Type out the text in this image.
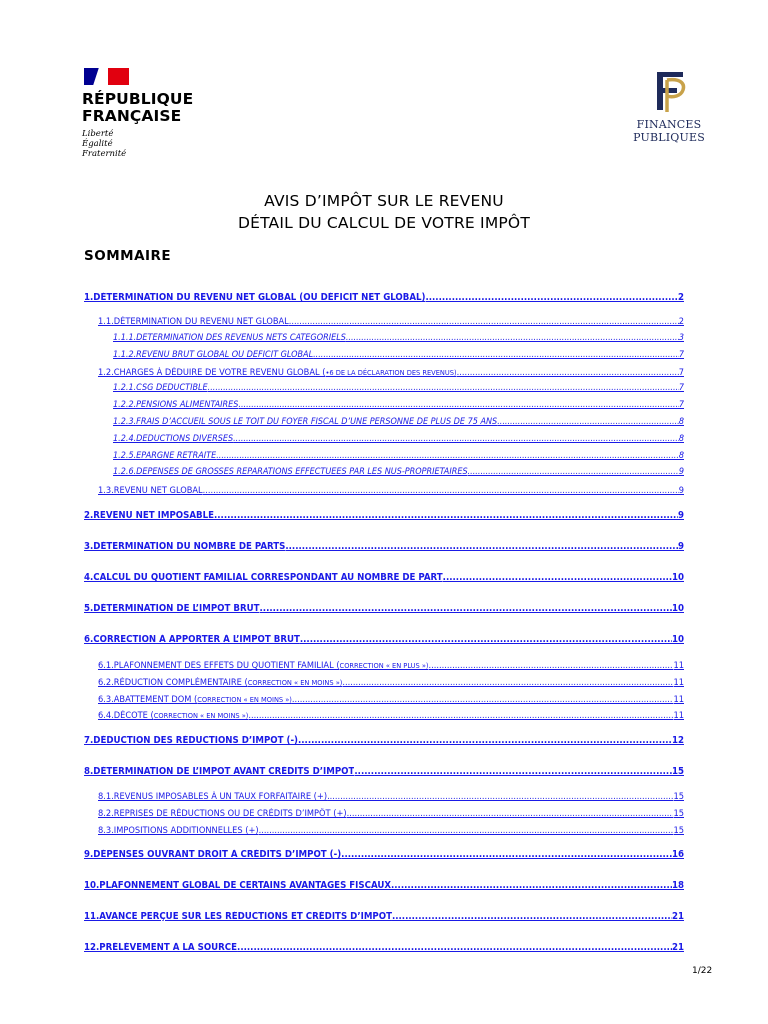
RÉPUBLIQUE
FRANÇAISE
Liberté
Égalité
Fraternité
FINANCES PUBLIQUES
AVIS D’IMPÔT SUR LE REVENU
DÉTAIL DU CALCUL DE VOTRE IMPÔT
SOMMAIRE
1.DÉTERMINATION DU REVENU NET GLOBAL (OU DÉFICIT NET GLOBAL) .....	2
1.1.DÉTERMINATION DU REVENU NET GLOBAL .....	2
1.1.1.DÉTERMINATION DES REVENUS NETS CATÉGORIELS .....	3
1.1.2.REVENU BRUT GLOBAL OU DÉFICIT GLOBAL .....	7
1.2.CHARGES À DÉDUIRE DE VOTRE REVENU GLOBAL ( •6 DE LA DÉCLARATION DES REVENUS) .....	7
1.2.1.CSG DÉDUCTIBLE .....	7
1.2.2.PENSIONS ALIMENTAIRES .....	7
1.2.3.FRAIS D’ACCUEIL SOUS LE TOIT DU FOYER FISCAL D’UNE PERSONNE DE PLUS DE 75 ANS .....	8
1.2.4.DÉDUCTIONS DIVERSES .....	8
1.2.5.ÉPARGNE RETRAITE .....	8
1.2.6.DÉPENSES DE GROSSES RÉPARATIONS EFFECTUÉES PAR LES NUS-PROPRIÉTAIRES .....	9
1.3.REVENU NET GLOBAL .....	9
2.REVENU NET IMPOSABLE .....	9
3.DÉTERMINATION DU NOMBRE DE PARTS .....	9
4.CALCUL DU QUOTIENT FAMILIAL CORRESPONDANT AU NOMBRE DE PART .....	10
5.DÉTERMINATION DE L’IMPÔT BRUT .....	10
6.CORRECTION À APPORTER À L’IMPÔT BRUT .....	10
6.1.PLAFONNEMENT DES EFFETS DU QUOTIENT FAMILIAL ( CORRECTION « EN PLUS ») .....	11
6.2.RÉDUCTION COMPLÉMENTAIRE ( CORRECTION « EN MOINS ») .....	11
6.3.ABATTEMENT DOM ( CORRECTION « EN MOINS ») .....	11
6.4.DÉCOTE ( CORRECTION « EN MOINS ») .....	11
7.DÉDUCTION DES RÉDUCTIONS D’IMPÔT (-) .....	12
8.DÉTERMINATION DE L’IMPÔT AVANT CRÉDITS D’IMPÔT .....	15
8.1.REVENUS IMPOSABLES À UN TAUX FORFAITAIRE (+) .....	15
8.2.REPRISES DE RÉDUCTIONS OU DE CRÉDITS D’IMPÔT (+) .....	15
8.3.IMPOSITIONS ADDITIONNELLES (+) .....	15
9.DÉPENSES OUVRANT DROIT À CRÉDITS D’IMPÔT (-) .....	16
10.PLAFONNEMENT GLOBAL DE CERTAINS AVANTAGES FISCAUX .....	18
11.AVANCE PERÇUE SUR LES RÉDUCTIONS ET CRÉDITS D’IMPÔT .....	21
12.PRÉLÈVEMENT À LA SOURCE .....	21
1/22
